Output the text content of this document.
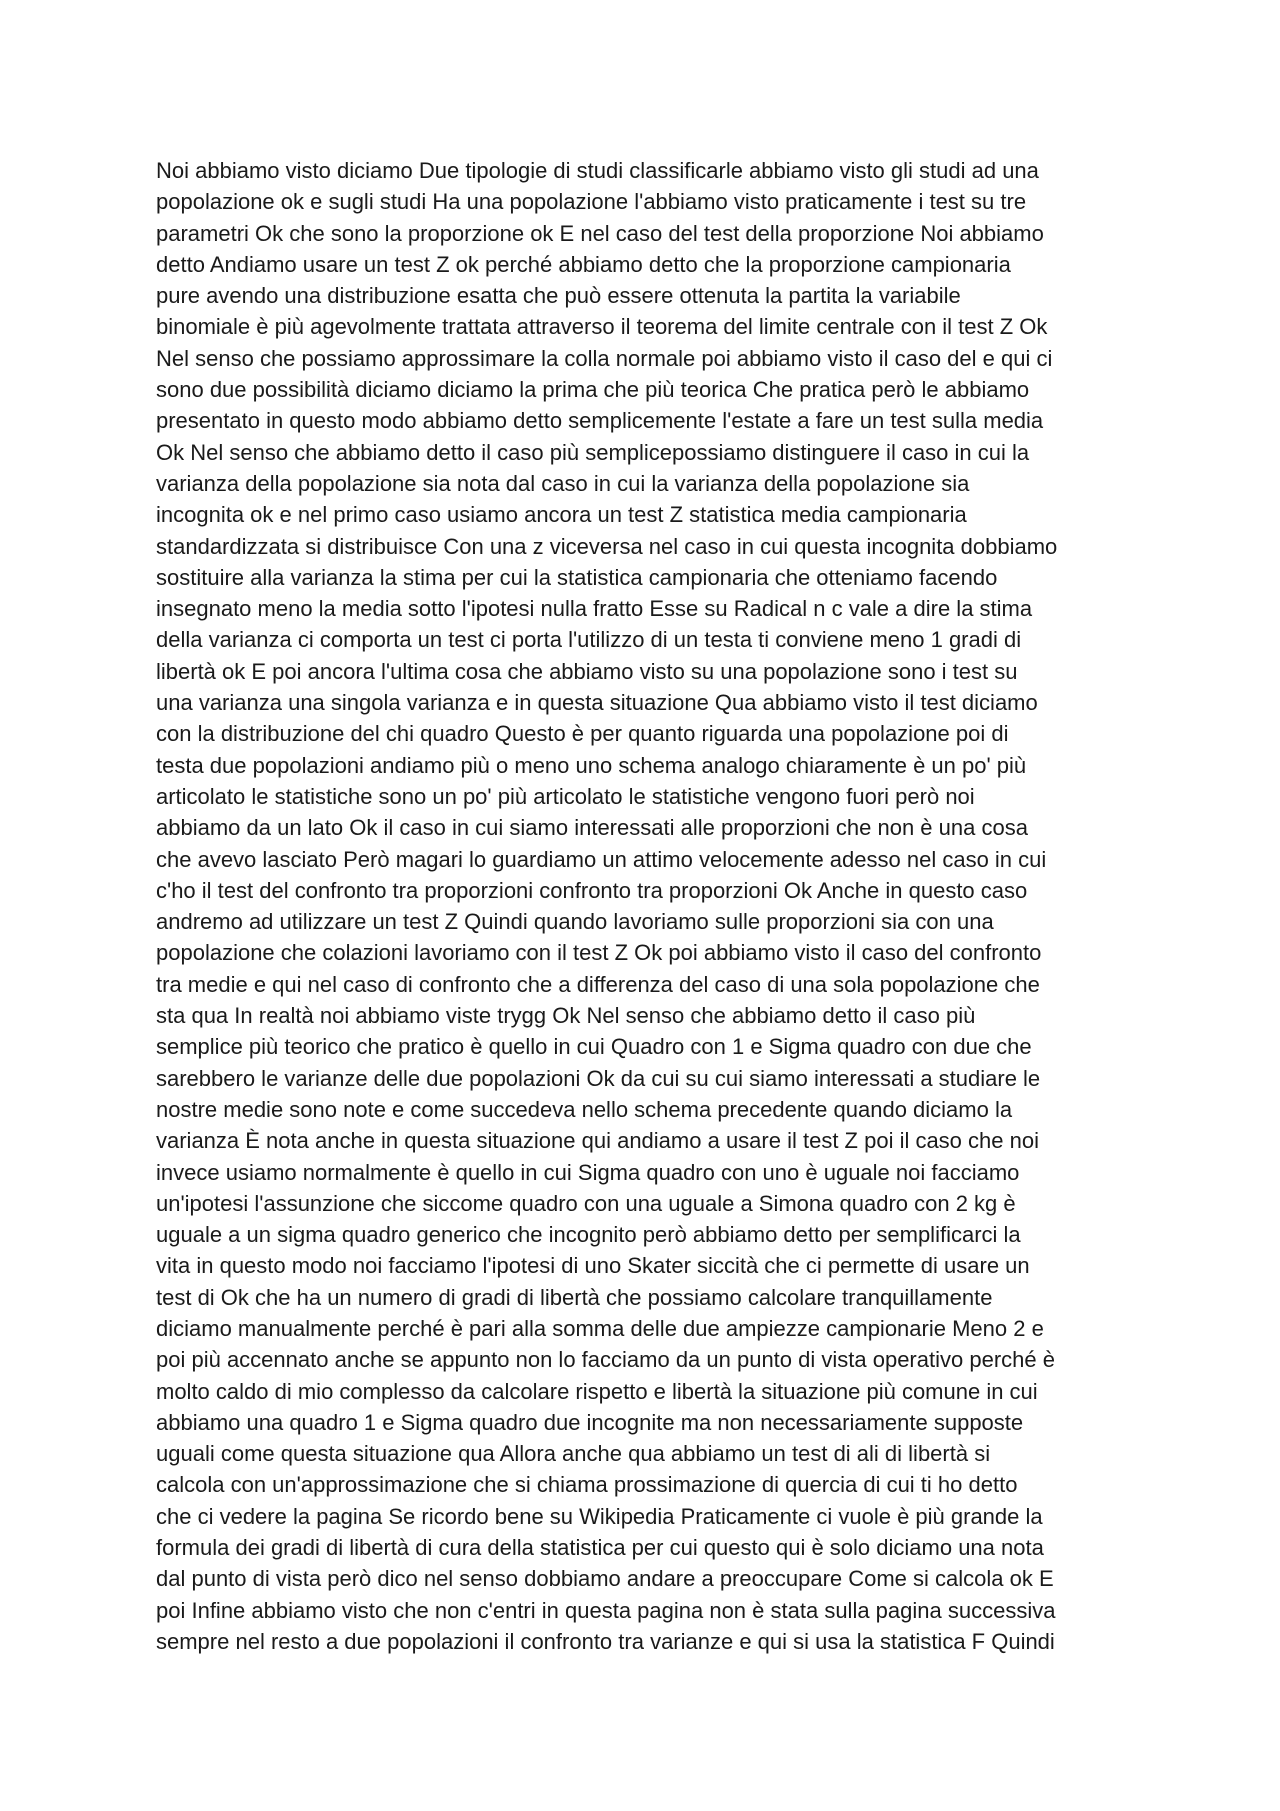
Noi abbiamo visto diciamo Due tipologie di studi classificarle abbiamo visto gli studi ad una
popolazione ok e sugli studi Ha una popolazione l'abbiamo visto praticamente i test su tre
parametri Ok che sono la proporzione ok E nel caso del test della proporzione Noi abbiamo
detto Andiamo usare un test Z ok perché abbiamo detto che la proporzione campionaria
pure avendo una distribuzione esatta che può essere ottenuta la partita la variabile
binomiale è più agevolmente trattata attraverso il teorema del limite centrale con il test Z Ok
Nel senso che possiamo approssimare la colla normale poi abbiamo visto il caso del e qui ci
sono due possibilità diciamo diciamo la prima che più teorica Che pratica però le abbiamo
presentato in questo modo abbiamo detto semplicemente l'estate a fare un test sulla media
Ok Nel senso che abbiamo detto il caso più semplicepossiamo distinguere il caso in cui la
varianza della popolazione sia nota dal caso in cui la varianza della popolazione sia
incognita ok e nel primo caso usiamo ancora un test Z statistica media campionaria
standardizzata si distribuisce Con una z viceversa nel caso in cui questa incognita dobbiamo
sostituire alla varianza la stima per cui la statistica campionaria che otteniamo facendo
insegnato meno la media sotto l'ipotesi nulla fratto Esse su Radical n c vale a dire la stima
della varianza ci comporta un test ci porta l'utilizzo di un testa ti conviene meno 1 gradi di
libertà ok E poi ancora l'ultima cosa che abbiamo visto su una popolazione sono i test su
una varianza una singola varianza e in questa situazione Qua abbiamo visto il test diciamo
con la distribuzione del chi quadro Questo è per quanto riguarda una popolazione poi di
testa due popolazioni andiamo più o meno uno schema analogo chiaramente è un po' più
articolato le statistiche sono un po' più articolato le statistiche vengono fuori però noi
abbiamo da un lato Ok il caso in cui siamo interessati alle proporzioni che non è una cosa
che avevo lasciato Però magari lo guardiamo un attimo velocemente adesso nel caso in cui
c'ho il test del confronto tra proporzioni confronto tra proporzioni Ok Anche in questo caso
andremo ad utilizzare un test Z Quindi quando lavoriamo sulle proporzioni sia con una
popolazione che colazioni lavoriamo con il test Z Ok poi abbiamo visto il caso del confronto
tra medie e qui nel caso di confronto che a differenza del caso di una sola popolazione che
sta qua In realtà noi abbiamo viste trygg Ok Nel senso che abbiamo detto il caso più
semplice più teorico che pratico è quello in cui Quadro con 1 e Sigma quadro con due che
sarebbero le varianze delle due popolazioni Ok da cui su cui siamo interessati a studiare le
nostre medie sono note e come succedeva nello schema precedente quando diciamo la
varianza È nota anche in questa situazione qui andiamo a usare il test Z poi il caso che noi
invece usiamo normalmente è quello in cui Sigma quadro con uno è uguale noi facciamo
un'ipotesi l'assunzione che siccome quadro con una uguale a Simona quadro con 2 kg è
uguale a un sigma quadro generico che incognito però abbiamo detto per semplificarci la
vita in questo modo noi facciamo l'ipotesi di uno Skater siccità che ci permette di usare un
test di Ok che ha un numero di gradi di libertà che possiamo calcolare tranquillamente
diciamo manualmente perché è pari alla somma delle due ampiezze campionarie Meno 2 e
poi più accennato anche se appunto non lo facciamo da un punto di vista operativo perché è
molto caldo di mio complesso da calcolare rispetto e libertà la situazione più comune in cui
abbiamo una quadro 1 e Sigma quadro due incognite ma non necessariamente supposte
uguali come questa situazione qua Allora anche qua abbiamo un test di ali di libertà si
calcola con un'approssimazione che si chiama prossimazione di quercia di cui ti ho detto
che ci vedere la pagina Se ricordo bene su Wikipedia Praticamente ci vuole è più grande la
formula dei gradi di libertà di cura della statistica per cui questo qui è solo diciamo una nota
dal punto di vista però dico nel senso dobbiamo andare a preoccupare Come si calcola ok E
poi Infine abbiamo visto che non c'entri in questa pagina non è stata sulla pagina successiva
sempre nel resto a due popolazioni il confronto tra varianze e qui si usa la statistica F Quindi
